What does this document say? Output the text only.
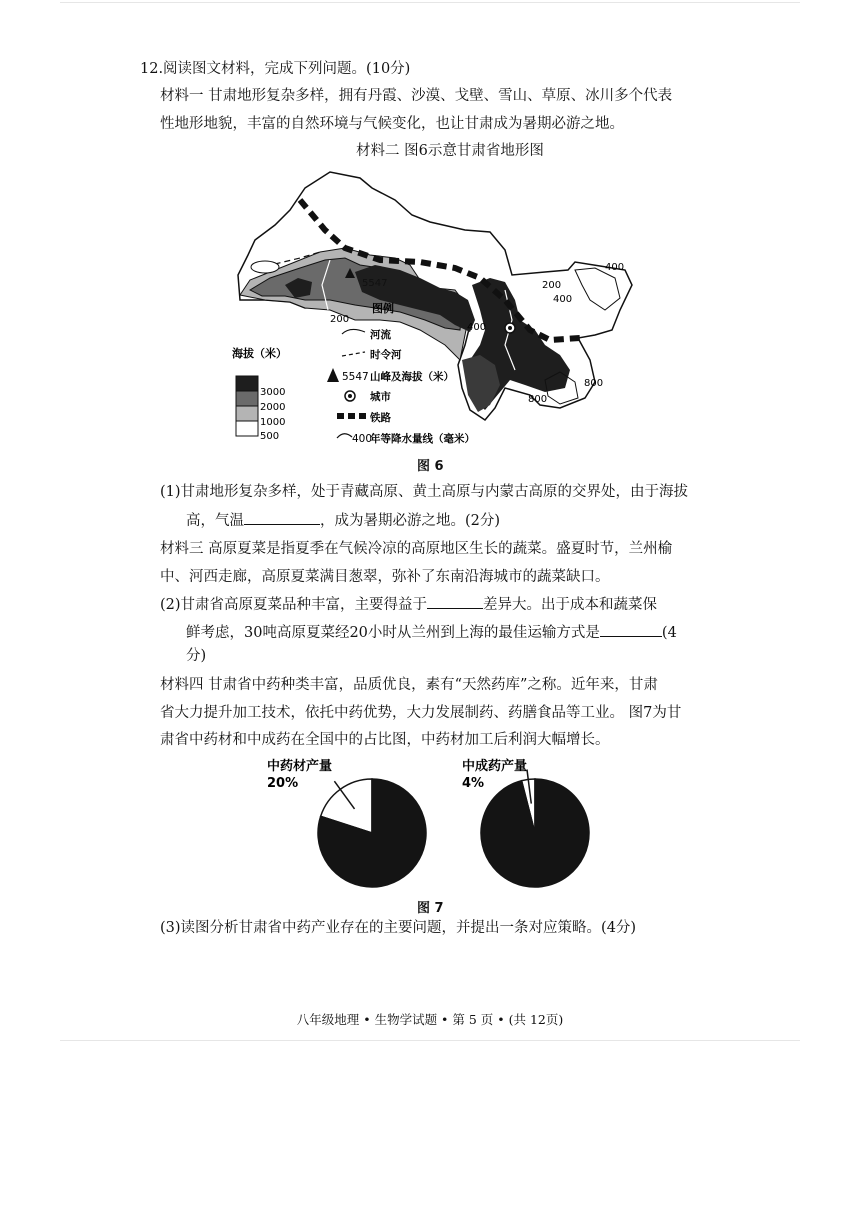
12.阅读图文材料，完成下列问题。(10分)
材料一 甘肃地形复杂多样，拥有丹霞、沙漠、戈壁、雪山、草原、冰川多个代表
性地形地貌，丰富的自然环境与气候变化，也让甘肃成为暑期必游之地。
材料二 图6示意甘肃省地形图
5547
400
200
400
400
200
800
800
图例
河流
时令河
5547 山峰及海拔（米）
城市
铁路
400
年等降水量线（毫米）
海拔（米）
3000
2000
1000
500
图 6
(1)甘肃地形复杂多样，处于青藏高原、黄土高原与内蒙古高原的交界处，由于海拔
高，气温	，成为暑期必游之地。(2分)
材料三 高原夏菜是指夏季在气候冷凉的高原地区生长的蔬菜。盛夏时节，兰州榆
中、河西走廊，高原夏菜满目葱翠，弥补了东南沿海城市的蔬菜缺口。
(2)甘肃省高原夏菜品种丰富，主要得益于	差异大。出于成本和蔬菜保
鲜考虑，30吨高原夏菜经20小时从兰州到上海的最佳运输方式是	(4
分)
材料四 甘肃省中药种类丰富，品质优良，素有“天然药库”之称。近年来，甘肃
省大力提升加工技术，依托中药优势，大力发展制药、药膳食品等工业。 图7为甘
肃省中药材和中成药在全国中的占比图，中药材加工后利润大幅增长。
中药材产量
20%
中成药产量
4%
图 7
(3)读图分析甘肃省中药产业存在的主要问题，并提出一条对应策略。(4分)
八年级地理 • 生物学试题 • 第 5 页 • (共 12页)
